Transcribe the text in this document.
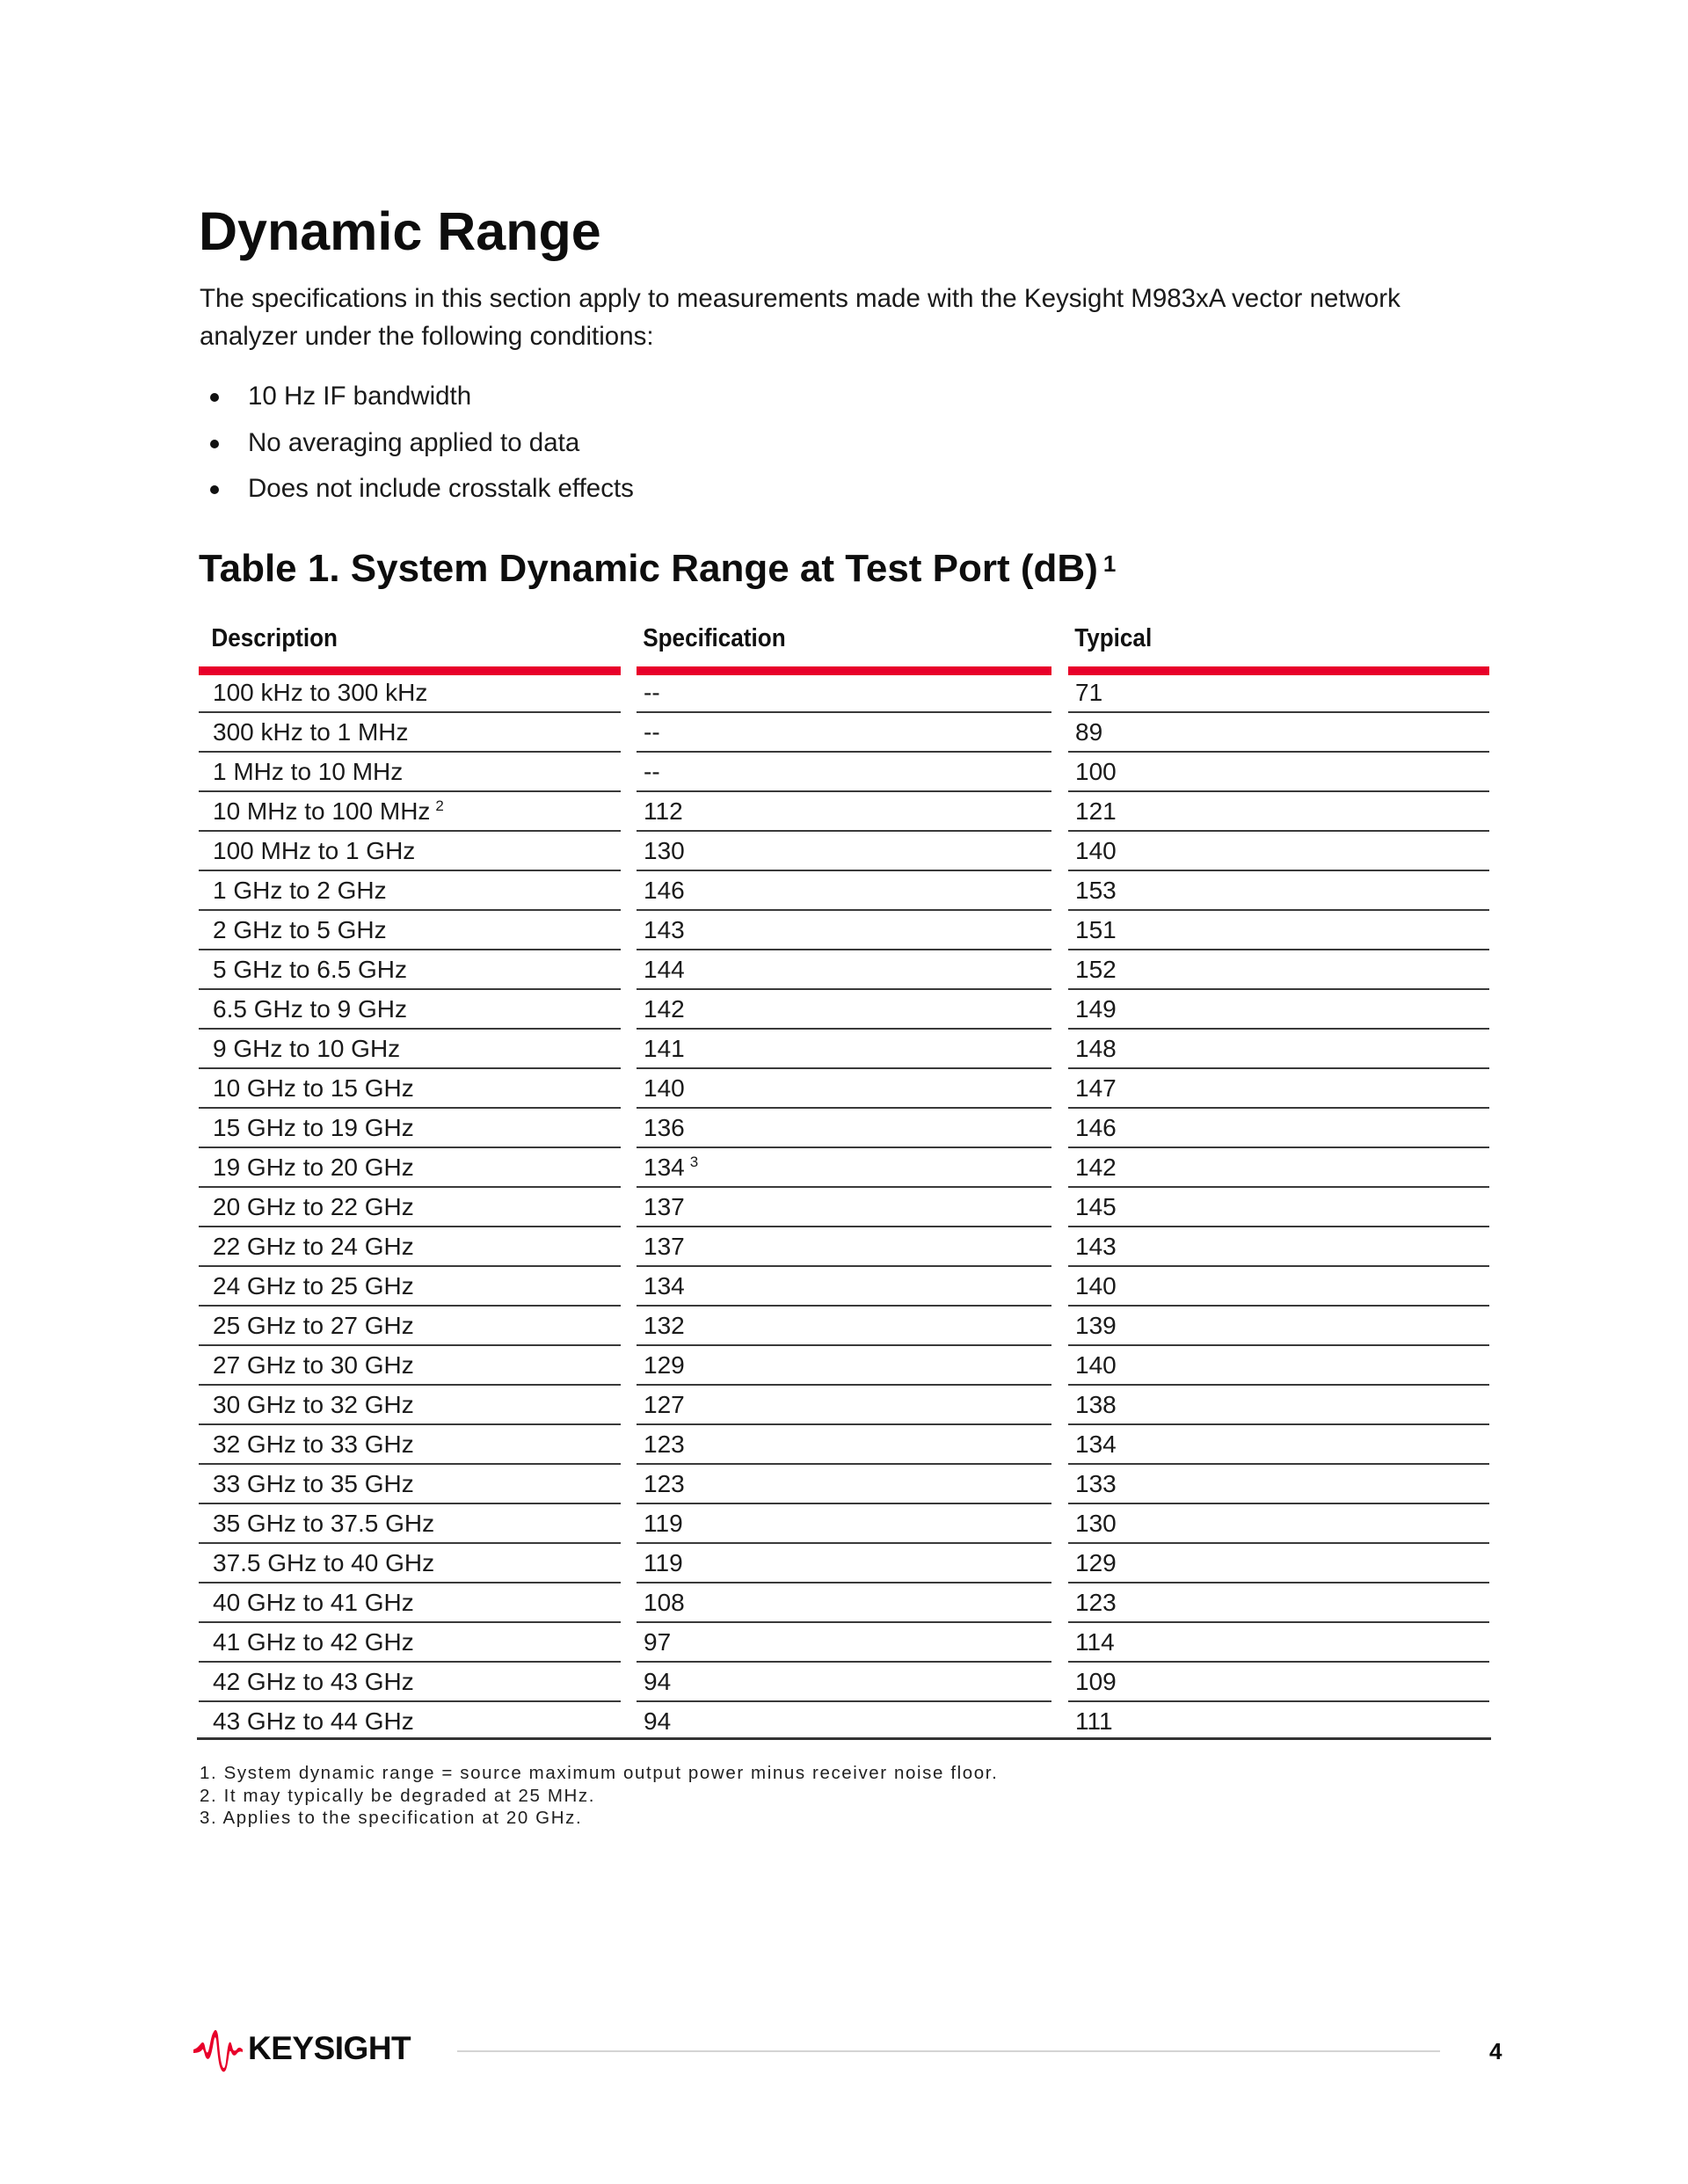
Dynamic Range

The specifications in this section apply to measurements made with the Keysight M983xA vector network analyzer under the following conditions:

10 Hz IF bandwidth
No averaging applied to data
Does not include crosstalk effects
Table 1. System Dynamic Range at Test Port (dB) $^1$
Description	Specification	Typical
100 kHz to 300 kHz	--	71
300 kHz to 1 MHz	--	89
1 MHz to 10 MHz	--	100
10 MHz to 100 MHz $^2$	112	121
100 MHz to 1 GHz	130	140
1 GHz to 2 GHz	146	153
2 GHz to 5 GHz	143	151
5 GHz to 6.5 GHz	144	152
6.5 GHz to 9 GHz	142	149
9 GHz to 10 GHz	141	148
10 GHz to 15 GHz	140	147
15 GHz to 19 GHz	136	146
19 GHz to 20 GHz	134 $^3$	142
20 GHz to 22 GHz	137	145
22 GHz to 24 GHz	137	143
24 GHz to 25 GHz	134	140
25 GHz to 27 GHz	132	139
27 GHz to 30 GHz	129	140
30 GHz to 32 GHz	127	138
32 GHz to 33 GHz	123	134
33 GHz to 35 GHz	123	133
35 GHz to 37.5 GHz	119	130
37.5 GHz to 40 GHz	119	129
40 GHz to 41 GHz	108	123
41 GHz to 42 GHz	97	114
42 GHz to 43 GHz	94	109
43 GHz to 44 GHz	94	111
1. System dynamic range = source maximum output power minus receiver noise floor.
2. It may typically be degraded at 25 MHz.
3. Applies to the specification at 20 GHz.
KEYSIGHT	4
